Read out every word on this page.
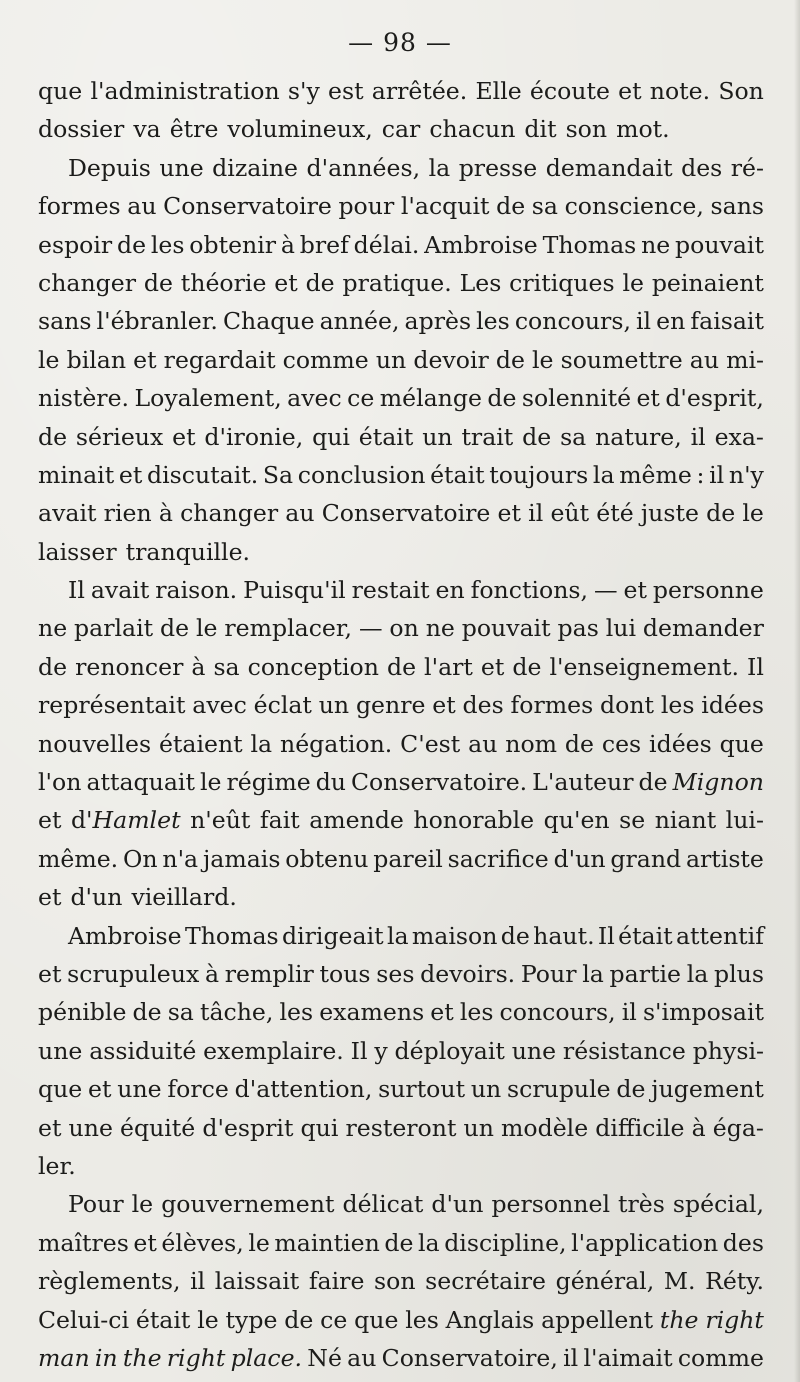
— 98 —
que l'administration s'y est arrêtée. Elle écoute et note. Son
dossier va être volumineux, car chacun dit son mot.
Depuis une dizaine d'années, la presse demandait des ré-
formes au Conservatoire pour l'acquit de sa conscience, sans
espoir de les obtenir à bref délai. Ambroise Thomas ne pouvait
changer de théorie et de pratique. Les critiques le peinaient
sans l'ébranler. Chaque année, après les concours, il en faisait
le bilan et regardait comme un devoir de le soumettre au mi-
nistère. Loyalement, avec ce mélange de solennité et d'esprit,
de sérieux et d'ironie, qui était un trait de sa nature, il exa-
minait et discutait. Sa conclusion était toujours la même : il n'y
avait rien à changer au Conservatoire et il eût été juste de le
laisser tranquille.
Il avait raison. Puisqu'il restait en fonctions, — et personne
ne parlait de le remplacer, — on ne pouvait pas lui demander
de renoncer à sa conception de l'art et de l'enseignement. Il
représentait avec éclat un genre et des formes dont les idées
nouvelles étaient la négation. C'est au nom de ces idées que
l'on attaquait le régime du Conservatoire. L'auteur de Mignon
et d'Hamlet n'eût fait amende honorable qu'en se niant lui-
même. On n'a jamais obtenu pareil sacrifice d'un grand artiste
et d'un vieillard.
Ambroise Thomas dirigeait la maison de haut. Il était attentif
et scrupuleux à remplir tous ses devoirs. Pour la partie la plus
pénible de sa tâche, les examens et les concours, il s'imposait
une assiduité exemplaire. Il y déployait une résistance physi-
que et une force d'attention, surtout un scrupule de jugement
et une équité d'esprit qui resteront un modèle difficile à éga-
ler.
Pour le gouvernement délicat d'un personnel très spécial,
maîtres et élèves, le maintien de la discipline, l'application des
règlements, il laissait faire son secrétaire général, M. Réty.
Celui-ci était le type de ce que les Anglais appellent the right
man in the right place. Né au Conservatoire, il l'aimait comme
